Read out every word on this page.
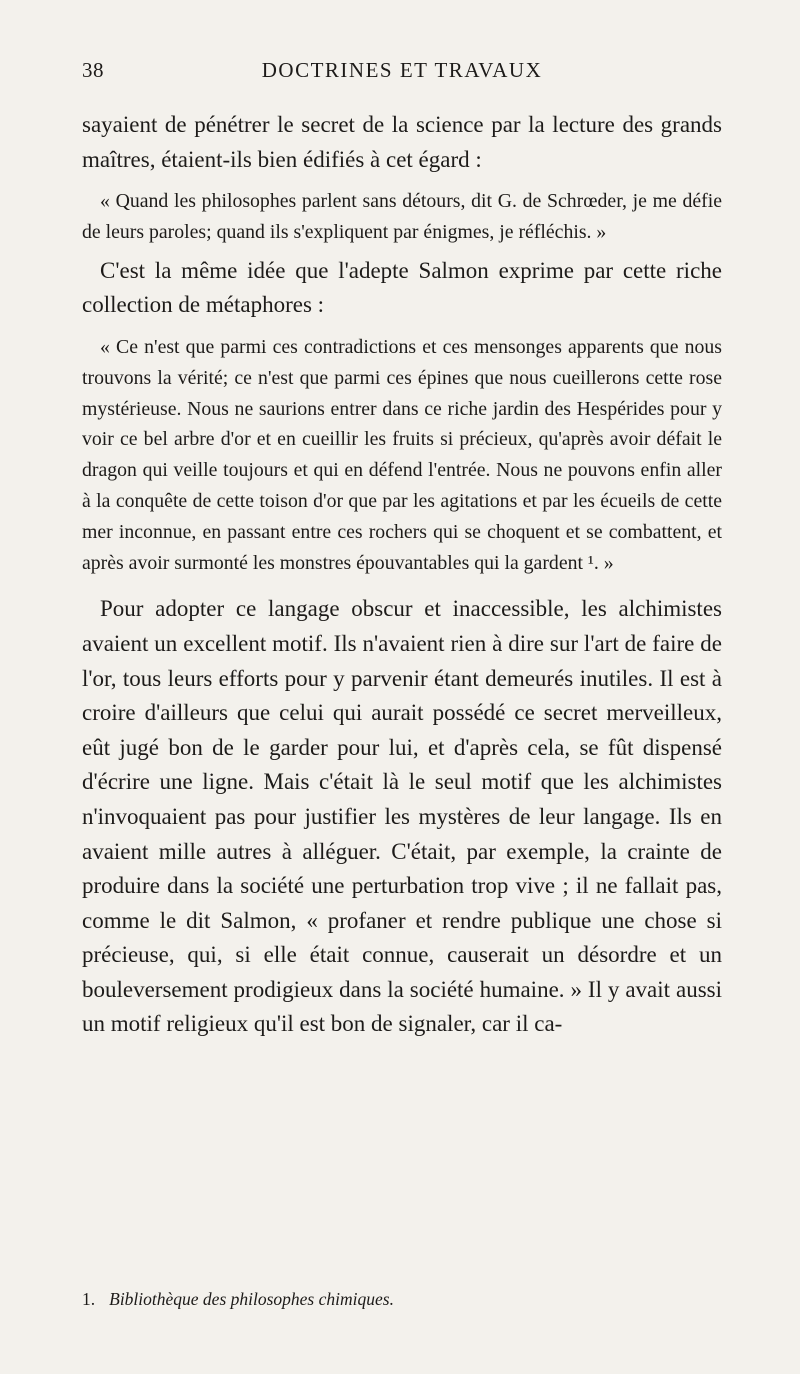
38	DOCTRINES ET TRAVAUX

sayaient de pénétrer le secret de la science par la lecture des grands maîtres, étaient-ils bien édifiés à cet égard :

« Quand les philosophes parlent sans détours, dit G. de Schrœder, je me défie de leurs paroles; quand ils s'expliquent par énigmes, je réfléchis. »

C'est la même idée que l'adepte Salmon exprime par cette riche collection de métaphores :

« Ce n'est que parmi ces contradictions et ces mensonges apparents que nous trouvons la vérité; ce n'est que parmi ces épines que nous cueillerons cette rose mystérieuse. Nous ne saurions entrer dans ce riche jardin des Hespérides pour y voir ce bel arbre d'or et en cueillir les fruits si précieux, qu'après avoir défait le dragon qui veille toujours et qui en défend l'entrée. Nous ne pouvons enfin aller à la conquête de cette toison d'or que par les agitations et par les écueils de cette mer inconnue, en passant entre ces rochers qui se choquent et se combattent, et après avoir surmonté les monstres épouvantables qui la gardent ¹. »

Pour adopter ce langage obscur et inaccessible, les alchimistes avaient un excellent motif. Ils n'avaient rien à dire sur l'art de faire de l'or, tous leurs efforts pour y parvenir étant demeurés inutiles. Il est à croire d'ailleurs que celui qui aurait possédé ce secret merveilleux, eût jugé bon de le garder pour lui, et d'après cela, se fût dispensé d'écrire une ligne. Mais c'était là le seul motif que les alchimistes n'invoquaient pas pour justifier les mystères de leur langage. Ils en avaient mille autres à alléguer. C'était, par exemple, la crainte de produire dans la société une perturbation trop vive ; il ne fallait pas, comme le dit Salmon, « profaner et rendre publique une chose si précieuse, qui, si elle était connue, causerait un désordre et un bouleversement prodigieux dans la société humaine. » Il y avait aussi un motif religieux qu'il est bon de signaler, car il ca-

1. Bibliothèque des philosophes chimiques.
